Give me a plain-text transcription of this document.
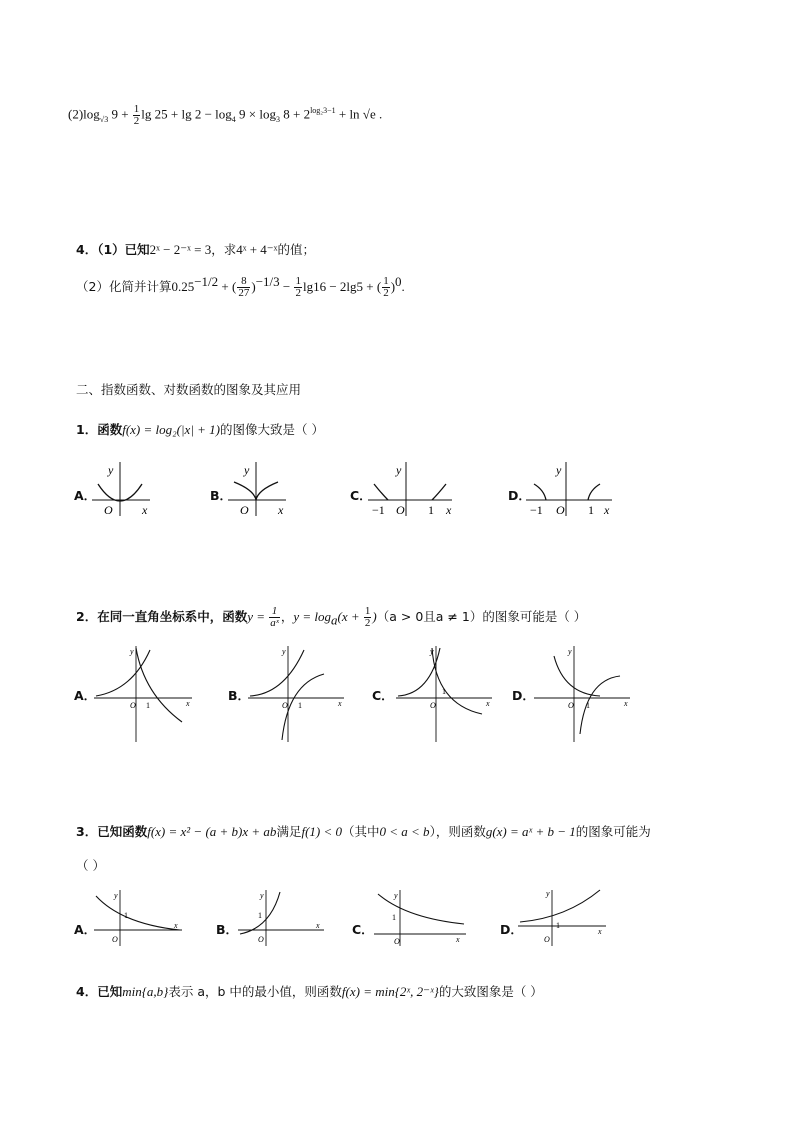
$(2)\log_{√3}$ $9 + \frac{1}{2}$ $\lg 25 + \lg 2 - \log_4 9 \times \log_3 8 + 2^{log_23-1} + \ln √e$ .
4．（1）已知2ˣ − 2⁻ˣ = 3，求4ˣ + 4⁻ˣ的值；
（2）化简并计算$0.25^{-1/2}$ + ( $\frac{8}{27} )^{-1/3} - \frac{1}{2} \lg 16 - 2\lg 5$ + ( $\frac{1}{2} )^0$.
二、指数函数、对数函数的图象及其应用
1．函数f(x) = log₂(|x| + 1)的图像大致是（ ）
A．
y
O x
B．
y
O x
C．
y
−1 O 1 x
D．
y
−1 O 1 x
2．在同一直角坐标系中，函数$y = \frac{1}{\text{aˣ}}$ ，$y = \log_a(x + \frac{1}{2} )(a > 0$且a ≠ 1）的图象可能是（ ）
A．
y
O 1	x
B．
y
O 1	x
C．
y
O
1
x
D．
y
O 1	x
3．已知函数f(x) = x² − (a + b)x + ab满足f(1) < 0（其中0 < a < b），则函数g(x) = aˣ + b − 1的图象可能为
（ ）
A．
y
1
O
x	B．
y
1
O
x	C．
y
1
O	x
D．
y
1
O
x
4．已知min{a,b}表示 a，b 中的最小值，则函数f(x) = min{2ˣ, 2⁻ˣ}的大致图象是（ ）
